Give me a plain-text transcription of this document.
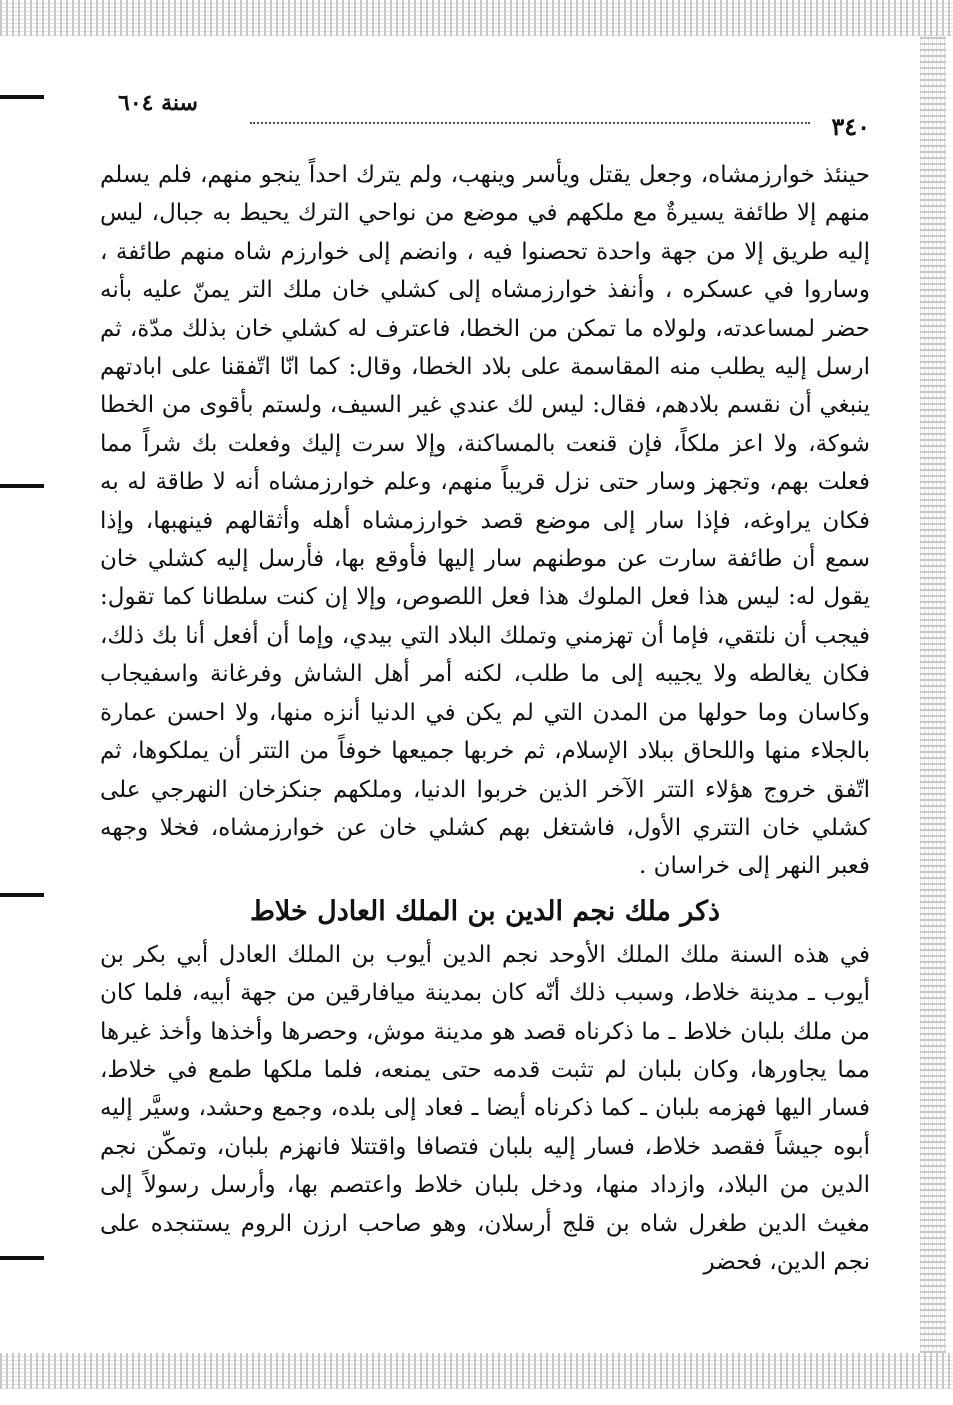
٣٤٠
سنة ٦٠٤

حينئذ خوارزمشاه، وجعل يقتل ويأسر وينهب، ولم يترك احداً ينجو منهم، فلم يسلم منهم إلا طائفة يسيرةٌ مع ملكهم في موضع من نواحي الترك يحيط به جبال، ليس إليه طريق إلا من جهة واحدة تحصنوا فيه ، وانضم إلى خوارزم شاه منهم طائفة ، وساروا في عسكره ، وأنفذ خوارزمشاه إلى كشلي خان ملك التر يمنّ عليه بأنه حضر لمساعدته، ولولاه ما تمكن من الخطا، فاعترف له كشلي خان بذلك مدّة، ثم ارسل إليه يطلب منه المقاسمة على بلاد الخطا، وقال: كما انّا اتّفقنا على ابادتهم ينبغي أن نقسم بلادهم، فقال: ليس لك عندي غير السيف، ولستم بأقوى من الخطا شوكة، ولا اعز ملكاً، فإن قنعت بالمساكنة، وإلا سرت إليك وفعلت بك شراً مما فعلت بهم، وتجهز وسار حتى نزل قريباً منهم، وعلم خوارزمشاه أنه لا طاقة له به فكان يراوغه، فإذا سار إلى موضع قصد خوارزمشاه أهله وأثقالهم فينهبها، وإذا سمع أن طائفة سارت عن موطنهم سار إليها فأوقع بها، فأرسل إليه كشلي خان يقول له: ليس هذا فعل الملوك هذا فعل اللصوص، وإلا إن كنت سلطانا كما تقول: فيجب أن نلتقي، فإما أن تهزمني وتملك البلاد التي بيدي، وإما أن أفعل أنا بك ذلك، فكان يغالطه ولا يجيبه إلى ما طلب، لكنه أمر أهل الشاش وفرغانة واسفيجاب وكاسان وما حولها من المدن التي لم يكن في الدنيا أنزه منها، ولا احسن عمارة بالجلاء منها واللحاق ببلاد الإسلام، ثم خربها جميعها خوفاً من التتر أن يملكوها، ثم اتّفق خروج هؤلاء التتر الآخر الذين خربوا الدنيا، وملكهم جنكزخان النهرجي على كشلي خان التتري الأول، فاشتغل بهم كشلي خان عن خوارزمشاه، فخلا وجهه فعبر النهر إلى خراسان .

ذكر ملك نجم الدين بن الملك العادل خلاط

في هذه السنة ملك الملك الأوحد نجم الدين أيوب بن الملك العادل أبي بكر بن أيوب ـ مدينة خلاط، وسبب ذلك أنّه كان بمدينة ميافارقين من جهة أبيه، فلما كان من ملك بلبان خلاط ـ ما ذكرناه قصد هو مدينة موش، وحصرها وأخذها وأخذ غيرها مما يجاورها، وكان بلبان لم تثبت قدمه حتى يمنعه، فلما ملكها طمع في خلاط، فسار اليها فهزمه بلبان ـ كما ذكرناه أيضا ـ فعاد إلى بلده، وجمع وحشد، وسيَّر إليه أبوه جيشاً فقصد خلاط، فسار إليه بلبان فتصافا واقتتلا فانهزم بلبان، وتمكّن نجم الدين من البلاد، وازداد منها، ودخل بلبان خلاط واعتصم بها، وأرسل رسولاً إلى مغيث الدين طغرل شاه بن قلج أرسلان، وهو صاحب ارزن الروم يستنجده على نجم الدين، فحضر
